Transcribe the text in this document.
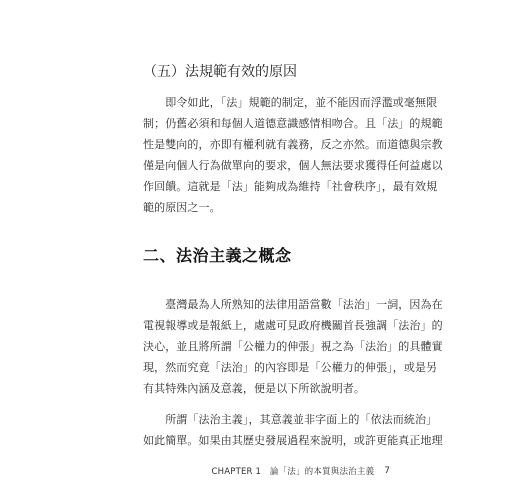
（五）法規範有效的原因

　　即令如此，「法」規範的制定，並不能因而浮濫或毫無限
制；仍舊必須和每個人道德意識感情相吻合。且「法」的規範
性是雙向的，亦即有權利就有義務，反之亦然。而道德與宗教
僅是向個人行為做單向的要求，個人無法要求獲得任何益處以
作回饋。這就是「法」能夠成為維持「社會秩序」，最有效規
範的原因之一。

二、法治主義之概念

　　臺灣最為人所熟知的法律用語當數「法治」一詞，因為在
電視報導或是報紙上，處處可見政府機關首長強調「法治」的
決心，並且將所謂「公權力的伸張」視之為「法治」的具體實
現，然而究竟「法治」的內容即是「公權力的伸張」，或是另
有其特殊內涵及意義，便是以下所欲說明者。

　　所謂「法治主義」，其意義並非字面上的「依法而統治」
如此簡單。如果由其歷史發展過程來說明，或許更能真正地理

CHAPTER 1　論「法」的本質與法治主義 7
